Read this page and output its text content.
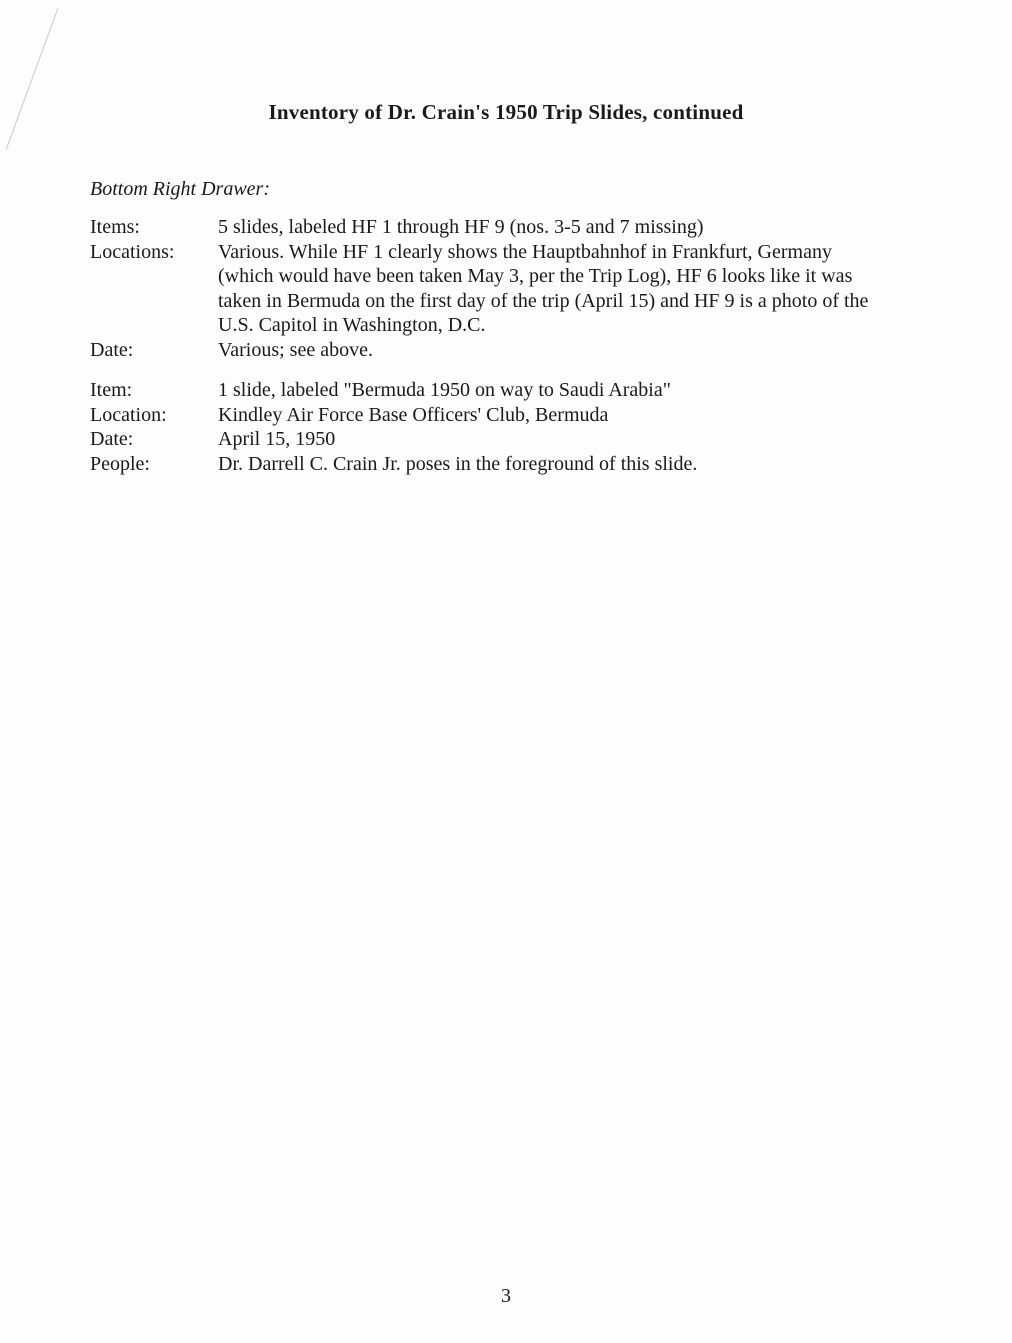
Inventory of Dr. Crain's 1950 Trip Slides, continued
Bottom Right Drawer:
Items:	5 slides, labeled HF 1 through HF 9 (nos. 3-5 and 7 missing)
Locations:	Various. While HF 1 clearly shows the Hauptbahnhof in Frankfurt, Germany (which would have been taken May 3, per the Trip Log), HF 6 looks like it was taken in Bermuda on the first day of the trip (April 15) and HF 9 is a photo of the U.S. Capitol in Washington, D.C.
Date:	Various; see above.
Item:	1 slide, labeled "Bermuda 1950 on way to Saudi Arabia"
Location:	Kindley Air Force Base Officers' Club, Bermuda
Date:	April 15, 1950
People:	Dr. Darrell C. Crain Jr. poses in the foreground of this slide.
3
